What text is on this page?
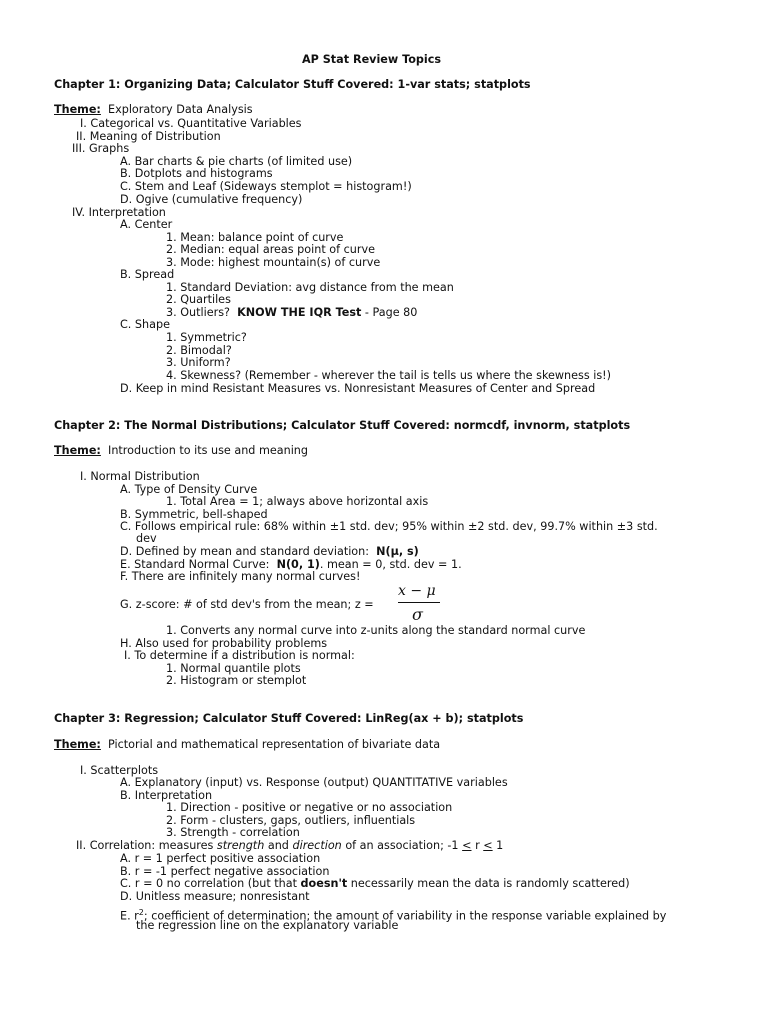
AP Stat Review Topics
Chapter 1: Organizing Data; Calculator Stuff Covered: 1-var stats; statplots
Theme: Exploratory Data Analysis
I. Categorical vs. Quantitative Variables
II. Meaning of Distribution
III. Graphs
A. Bar charts & pie charts (of limited use)
B. Dotplots and histograms
C. Stem and Leaf (Sideways stemplot = histogram!)
D. Ogive (cumulative frequency)
IV. Interpretation
A. Center
1. Mean: balance point of curve
2. Median: equal areas point of curve
3. Mode: highest mountain(s) of curve
B. Spread
1. Standard Deviation: avg distance from the mean
2. Quartiles
3. Outliers? KNOW THE IQR Test - Page 80
C. Shape
1. Symmetric?
2. Bimodal?
3. Uniform?
4. Skewness? (Remember - wherever the tail is tells us where the skewness is!)
D. Keep in mind Resistant Measures vs. Nonresistant Measures of Center and Spread
Chapter 2: The Normal Distributions; Calculator Stuff Covered: normcdf, invnorm, statplots
Theme: Introduction to its use and meaning
I. Normal Distribution
A. Type of Density Curve
1. Total Area = 1; always above horizontal axis
B. Symmetric, bell-shaped
C. Follows empirical rule: 68% within ±1 std. dev; 95% within ±2 std. dev, 99.7% within ±3 std.
dev
D. Defined by mean and standard deviation: N(μ, s)
E. Standard Normal Curve: N(0, 1). mean = 0, std. dev = 1.
F. There are infinitely many normal curves!
G. z-score: # of std dev's from the mean; z =
x − μ
σ
1. Converts any normal curve into z-units along the standard normal curve
H. Also used for probability problems
I. To determine if a distribution is normal:
1. Normal quantile plots
2. Histogram or stemplot
Chapter 3: Regression; Calculator Stuff Covered: LinReg(ax + b); statplots
Theme: Pictorial and mathematical representation of bivariate data
I. Scatterplots
A. Explanatory (input) vs. Response (output) QUANTITATIVE variables
B. Interpretation
1. Direction - positive or negative or no association
2. Form - clusters, gaps, outliers, influentials
3. Strength - correlation
II. Correlation: measures strength and direction of an association; -1 ≤ r ≤ 1
A. r = 1 perfect positive association
B. r = -1 perfect negative association
C. r = 0 no correlation (but that doesn't necessarily mean the data is randomly scattered)
D. Unitless measure; nonresistant
E. $r^2$; coefficient of determination; the amount of variability in the response variable explained by
the regression line on the explanatory variable
